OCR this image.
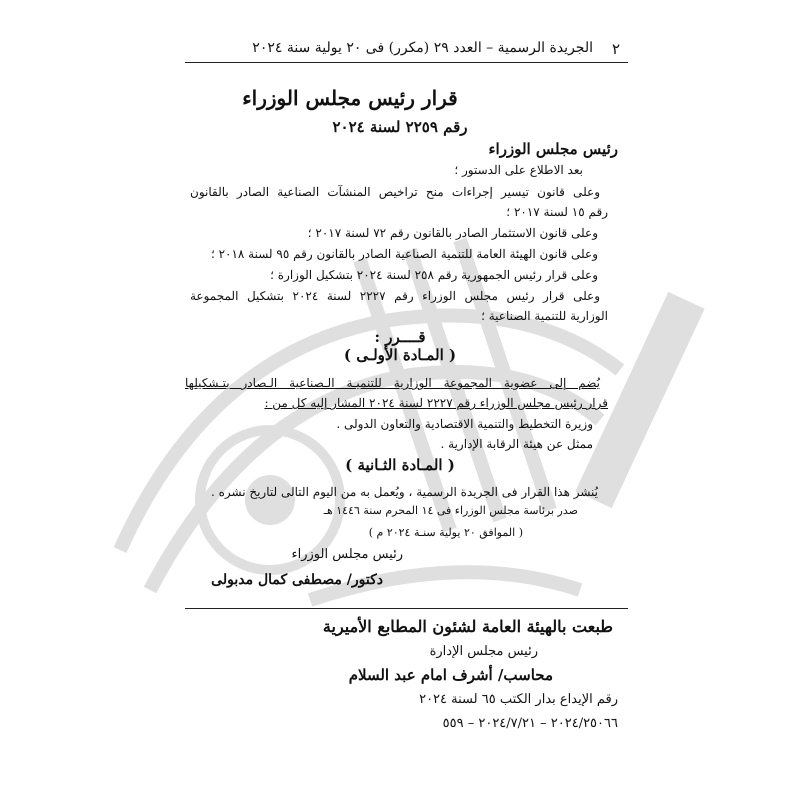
٢
الجريدة الرسمية – العدد ٢٩ (مكرر) فى ٢٠ يولية سنة ٢٠٢٤
قرار رئيس مجلس الوزراء
رقم ٢٢٥٩ لسنة ٢٠٢٤
رئيس مجلس الوزراء
بعد الاطلاع على الدستور ؛
وعلى قانون تيسير إجراءات منح تراخيص المنشآت الصناعية الصادر بالقانون
رقم ١٥ لسنة ٢٠١٧ ؛
وعلى قانون الاستثمار الصادر بالقانون رقم ٧٢ لسنة ٢٠١٧ ؛
وعلى قانون الهيئة العامة للتنمية الصناعية الصادر بالقانون رقم ٩٥ لسنة ٢٠١٨ ؛
وعلى قرار رئيس الجمهورية رقم ٢٥٨ لسنة ٢٠٢٤ بتشكيل الوزارة ؛
وعلى قرار رئيس مجلس الوزراء رقم ٢٢٢٧ لسنة ٢٠٢٤ بتشكيل المجموعة
الوزارية للتنمية الصناعية ؛
قــــرر :
( المـادة الأولـى )
يُضم إلى عضوية المجموعة الوزارية للتنميـة الـصناعية الـصادر بتـشكيلها
قرار رئيس مجلس الوزراء رقم ٢٢٢٧ لسنة ٢٠٢٤ المشار إليه كل من :
وزيرة التخطيط والتنمية الاقتصادية والتعاون الدولى .
ممثل عن هيئة الرقابة الإدارية .
( المـادة الثـانية )
يُنشر هذا القرار فى الجريدة الرسمية ، ويُعمل به من اليوم التالى لتاريخ نشره .
صدر برئاسة مجلس الوزراء فى ١٤ المحرم سنة ١٤٤٦ هـ
( الموافق ٢٠ يولية سنـة ٢٠٢٤ م )
رئيس مجلس الوزراء
دكتور/ مصطفى كمال مدبولى
طبعت بالهيئة العامة لشئون المطابع الأميرية
رئيس مجلس الإدارة
محاسب/ أشرف امام عبد السلام
رقم الإيداع بدار الكتب ٦٥ لسنة ٢٠٢٤
٢٠٢٤/٢٥٠٦٦ – ٢٠٢٤/٧/٢١ – ٥٥٩
